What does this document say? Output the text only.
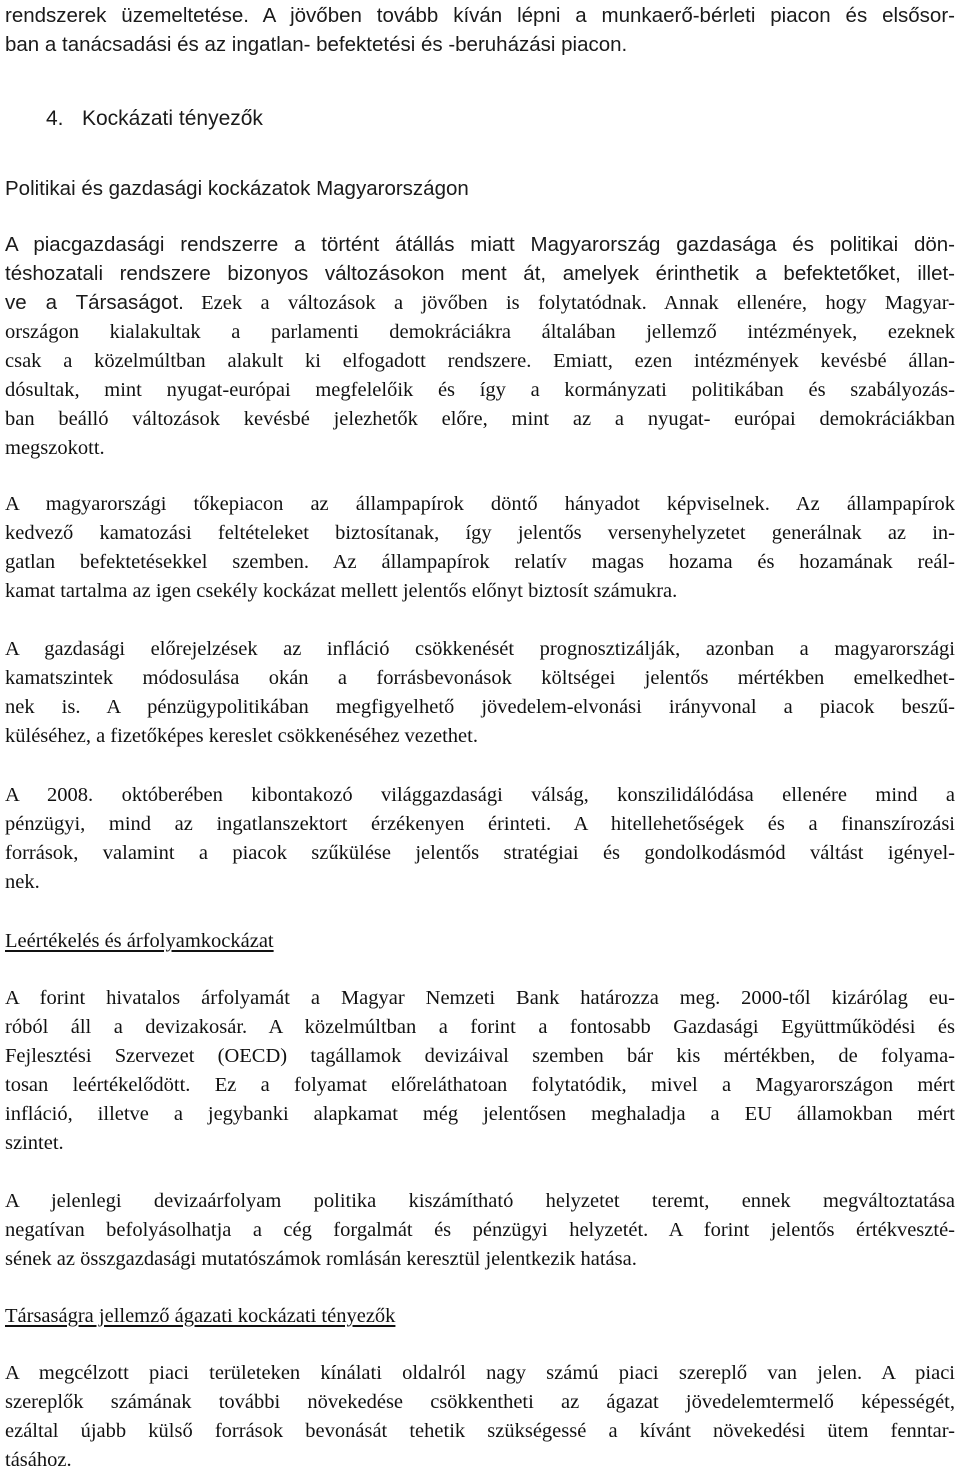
rendszerek üzemeltetése. A jövőben tovább kíván lépni a munkaerő-bérleti piacon és elsősor-
ban a tanácsadási és az ingatlan- befektetési és -beruházási piacon.
4. Kockázati tényezők
Politikai és gazdasági kockázatok Magyarországon
A piacgazdasági rendszerre a történt átállás miatt Magyarország gazdasága és politikai dön-
téshozatali rendszere bizonyos változásokon ment át, amelyek érinthetik a befektetőket, illet-
ve a Társaságot. Ezek a változások a jövőben is folytatódnak. Annak ellenére, hogy Magyar-
országon kialakultak a parlamenti demokráciákra általában jellemző intézmények, ezeknek
csak a közelmúltban alakult ki elfogadott rendszere. Emiatt, ezen intézmények kevésbé állan-
dósultak, mint nyugat-európai megfelelőik és így a kormányzati politikában és szabályozás-
ban beálló változások kevésbé jelezhetők előre, mint az a nyugat- európai demokráciákban
megszokott.
A magyarországi tőkepiacon az állampapírok döntő hányadot képviselnek. Az állampapírok
kedvező kamatozási feltételeket biztosítanak, így jelentős versenyhelyzetet generálnak az in-
gatlan befektetésekkel szemben. Az állampapírok relatív magas hozama és hozamának reál-
kamat tartalma az igen csekély kockázat mellett jelentős előnyt biztosít számukra.
A gazdasági előrejelzések az infláció csökkenését prognosztizálják, azonban a magyarországi
kamatszintek módosulása okán a forrásbevonások költségei jelentős mértékben emelkedhet-
nek is. A pénzügypolitikában megfigyelhető jövedelem-elvonási irányvonal a piacok beszű-
küléséhez, a fizetőképes kereslet csökkenéséhez vezethet.
A 2008. októberében kibontakozó világgazdasági válság, konszilidálódása ellenére mind a
pénzügyi, mind az ingatlanszektort érzékenyen érinteti. A hitellehetőségek és a finanszírozási
források, valamint a piacok szűkülése jelentős stratégiai és gondolkodásmód váltást igényel-
nek.
Leértékelés és árfolyamkockázat
A forint hivatalos árfolyamát a Magyar Nemzeti Bank határozza meg. 2000-től kizárólag eu-
róból áll a devizakosár. A közelmúltban a forint a fontosabb Gazdasági Együttműködési és
Fejlesztési Szervezet (OECD) tagállamok devizáival szemben bár kis mértékben, de folyama-
tosan leértékelődött. Ez a folyamat előreláthatoan folytatódik, mivel a Magyarországon mért
infláció, illetve a jegybanki alapkamat még jelentősen meghaladja a EU államokban mért
szintet.
A jelenlegi devizaárfolyam politika kiszámítható helyzetet teremt, ennek megváltoztatása
negatívan befolyásolhatja a cég forgalmát és pénzügyi helyzetét. A forint jelentős értékveszté-
sének az összgazdasági mutatószámok romlásán keresztül jelentkezik hatása.
Társaságra jellemző ágazati kockázati tényezők
A megcélzott piaci területeken kínálati oldalról nagy számú piaci szereplő van jelen. A piaci
szereplők számának további növekedése csökkentheti az ágazat jövedelemtermelő képességét,
ezáltal újabb külső források bevonását tehetik szükségessé a kívánt növekedési ütem fenntar-
tásához.
